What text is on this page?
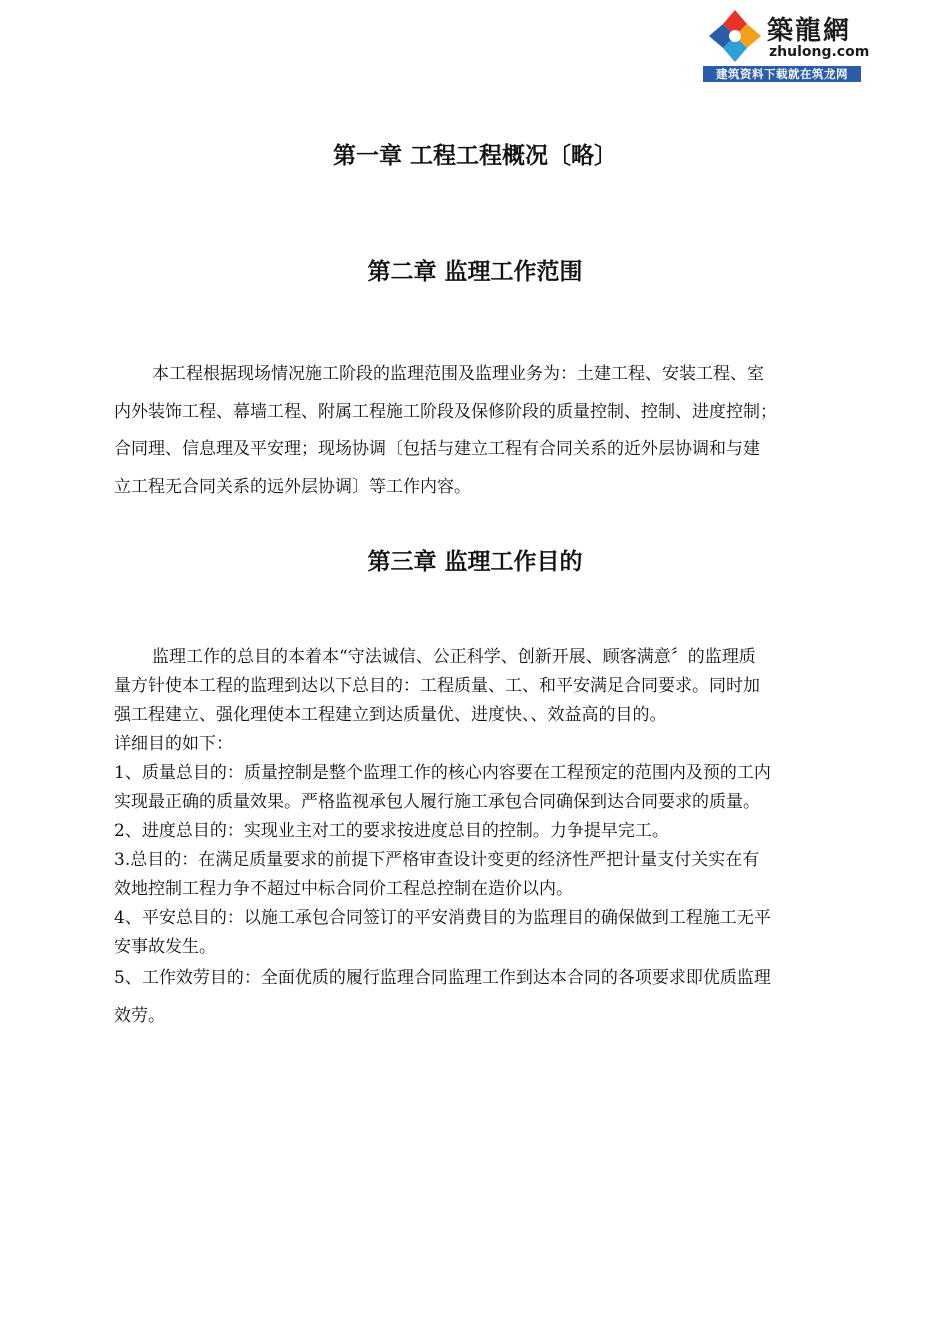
築龍網
zhulong.com
建筑资料下载就在筑龙网
第一章 工程工程概况〔略〕
第二章 监理工作范围
本工程根据现场情况施工阶段的监理范围及监理业务为：土建工程、安装工程、室
内外装饰工程、幕墙工程、附属工程施工阶段及保修阶段的质量控制、控制、进度控制；
合同理、信息理及平安理；现场协调〔包括与建立工程有合同关系的近外层协调和与建
立工程无合同关系的远外层协调〕等工作内容。
第三章 监理工作目的
监理工作的总目的本着本“守法诚信、公正科学、创新开展、顾客满意〞的监理质
量方针使本工程的监理到达以下总目的：工程质量、工、和平安满足合同要求。同时加
强工程建立、强化理使本工程建立到达质量优、进度快、、效益高的目的。
详细目的如下：
1、质量总目的：质量控制是整个监理工作的核心内容要在工程预定的范围内及预的工内
实现最正确的质量效果。严格监视承包人履行施工承包合同确保到达合同要求的质量。
2、进度总目的：实现业主对工的要求按进度总目的控制。力争提早完工。
3.总目的：在满足质量要求的前提下严格审查设计变更的经济性严把计量支付关实在有
效地控制工程力争不超过中标合同价工程总控制在造价以内。
4、平安总目的：以施工承包合同签订的平安消费目的为监理目的确保做到工程施工无平
安事故发生。
5、工作效劳目的：全面优质的履行监理合同监理工作到达本合同的各项要求即优质监理
效劳。
